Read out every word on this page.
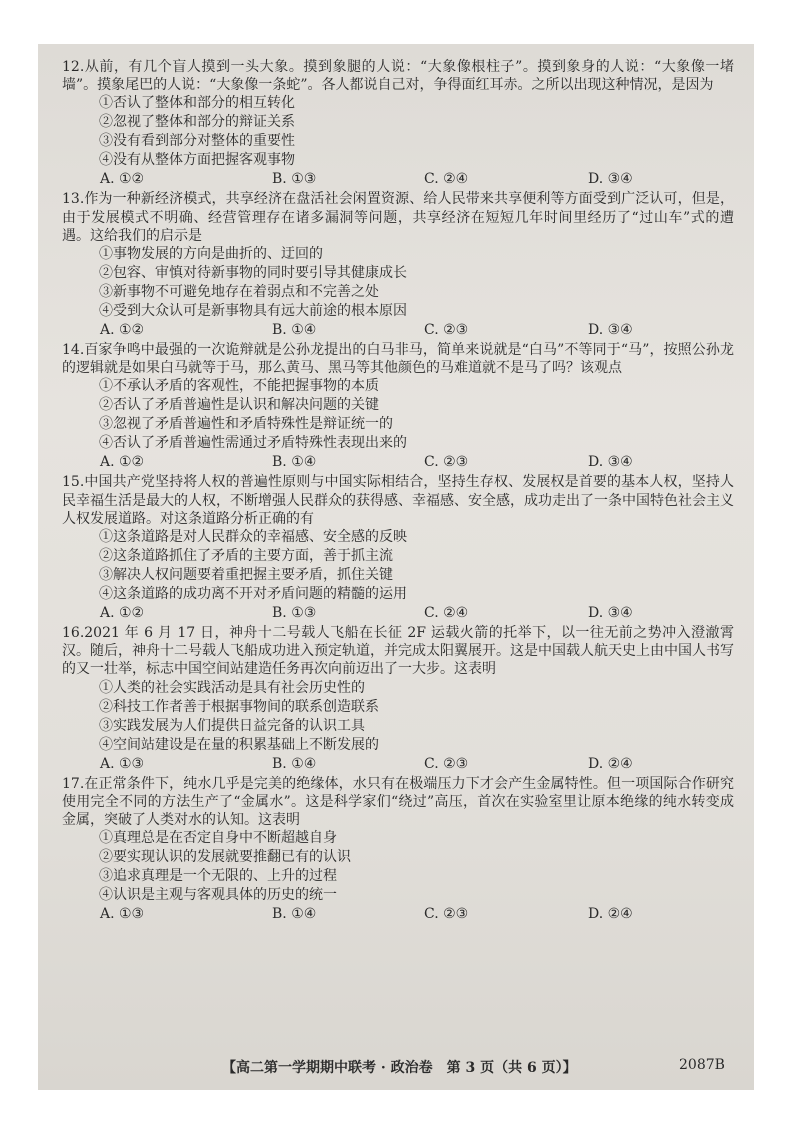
12.从前，有几个盲人摸到一头大象。摸到象腿的人说：“大象像根柱子”。摸到象身的人说：“大象像一堵墙”。摸象尾巴的人说：“大象像一条蛇”。各人都说自己对，争得面红耳赤。之所以出现这种情况，是因为

①否认了整体和部分的相互转化

②忽视了整体和部分的辩证关系

③没有看到部分对整体的重要性

④没有从整体方面把握客观事物

A. ①②	B. ①③	C. ②④	D. ③④

13.作为一种新经济模式，共享经济在盘活社会闲置资源、给人民带来共享便利等方面受到广泛认可，但是，由于发展模式不明确、经营管理存在诸多漏洞等问题，共享经济在短短几年时间里经历了“过山车”式的遭遇。这给我们的启示是

①事物发展的方向是曲折的、迂回的

②包容、审慎对待新事物的同时要引导其健康成长

③新事物不可避免地存在着弱点和不完善之处

④受到大众认可是新事物具有远大前途的根本原因

A. ①②	B. ①④	C. ②③	D. ③④

14.百家争鸣中最强的一次诡辩就是公孙龙提出的白马非马，简单来说就是“白马”不等同于“马”，按照公孙龙的逻辑就是如果白马就等于马，那么黄马、黑马等其他颜色的马难道就不是马了吗？该观点

①不承认矛盾的客观性，不能把握事物的本质

②否认了矛盾普遍性是认识和解决问题的关键

③忽视了矛盾普遍性和矛盾特殊性是辩证统一的

④否认了矛盾普遍性需通过矛盾特殊性表现出来的

A. ①②	B. ①④	C. ②③	D. ③④

15.中国共产党坚持将人权的普遍性原则与中国实际相结合，坚持生存权、发展权是首要的基本人权，坚持人民幸福生活是最大的人权，不断增强人民群众的获得感、幸福感、安全感，成功走出了一条中国特色社会主义人权发展道路。对这条道路分析正确的有

①这条道路是对人民群众的幸福感、安全感的反映

②这条道路抓住了矛盾的主要方面，善于抓主流

③解决人权问题要着重把握主要矛盾，抓住关键

④这条道路的成功离不开对矛盾问题的精髓的运用

A. ①②	B. ①③	C. ②④	D. ③④

16.2021 年 6 月 17 日，神舟十二号载人飞船在长征 2F 运载火箭的托举下，以一往无前之势冲入澄澈霄汉。随后，神舟十二号载人飞船成功进入预定轨道，并完成太阳翼展开。这是中国载人航天史上由中国人书写的又一壮举，标志中国空间站建造任务再次向前迈出了一大步。这表明

①人类的社会实践活动是具有社会历史性的

②科技工作者善于根据事物间的联系创造联系

③实践发展为人们提供日益完备的认识工具

④空间站建设是在量的积累基础上不断发展的

A. ①③	B. ①④	C. ②③	D. ②④

17.在正常条件下，纯水几乎是完美的绝缘体，水只有在极端压力下才会产生金属特性。但一项国际合作研究使用完全不同的方法生产了“金属水”。这是科学家们“绕过”高压，首次在实验室里让原本绝缘的纯水转变成金属，突破了人类对水的认知。这表明

①真理总是在否定自身中不断超越自身

②要实现认识的发展就要推翻已有的认识

③追求真理是一个无限的、上升的过程

④认识是主观与客观具体的历史的统一

A. ①③	B. ①④	C. ②③	D. ②④
【高二第一学期期中联考 · 政治卷　第 3 页（共 6 页）】	2087B
